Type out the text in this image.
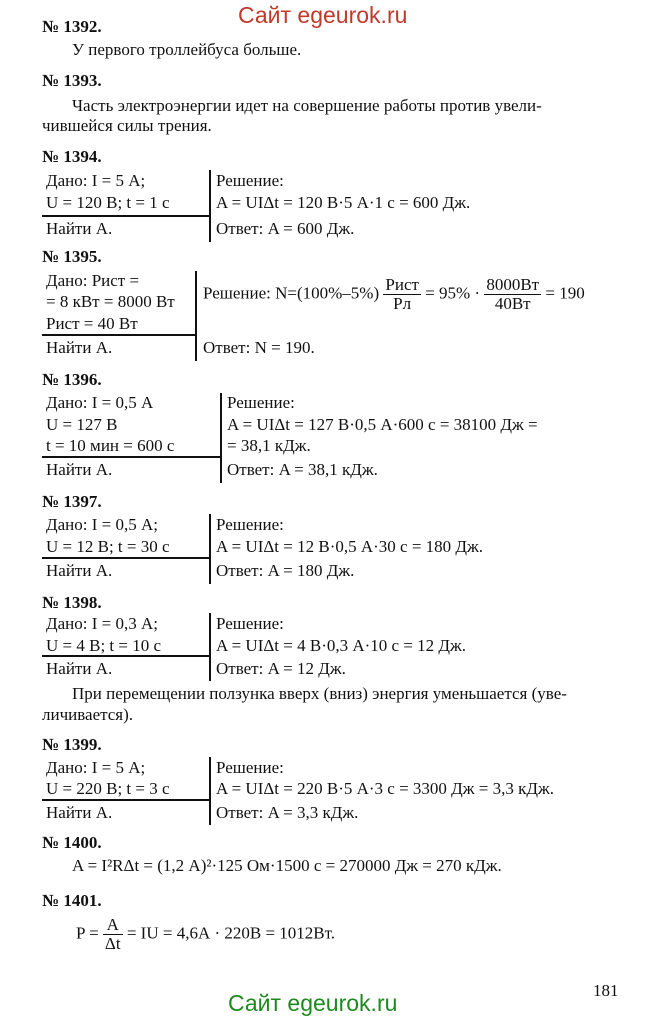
Сайт egeurok.ru
№ 1392.
У первого троллейбуса больше.
№ 1393.
Часть электроэнергии идет на совершение работы против увели-
чившейся силы трения.
№ 1394.
Дано: I = 5 А;
U = 120 В; t = 1 с
Найти A.
Решение:
A = UIΔt = 120 В·5 А·1 с = 600 Дж.
Ответ: A = 600 Дж.
№ 1395.
Дано: Pист =
= 8 кВт = 8000 Вт
Pист = 40 Вт
Найти A.
Решение: $N=(100\%-5\%) \frac{\text{Pист}}{Pл} = 95\% \cdot \frac{8000Вт}{40Вт} = 190$
Ответ: N = 190.
№ 1396.
Дано: I = 0,5 А
U = 127 В
t = 10 мин = 600 с
Найти A.
Решение:
A = UIΔt = 127 В·0,5 А·600 с = 38100 Дж =
= 38,1 кДж.
Ответ: A = 38,1 кДж.
№ 1397.
Дано: I = 0,5 А;
U = 12 В; t = 30 с
Найти A.
Решение:
A = UIΔt = 12 В·0,5 А·30 с = 180 Дж.
Ответ: A = 180 Дж.
№ 1398.
Дано: I = 0,3 А;
U = 4 В; t = 10 с
Найти A.
Решение:
A = UIΔt = 4 В·0,3 А·10 с = 12 Дж.
Ответ: A = 12 Дж.
При перемещении ползунка вверх (вниз) энергия уменьшается (уве-
личивается).
№ 1399.
Дано: I = 5 А;
U = 220 В; t = 3 с
Найти A.
Решение:
A = UIΔt = 220 В·5 А·3 с = 3300 Дж = 3,3 кДж.
Ответ: A = 3,3 кДж.
№ 1400.
A = I²RΔt = (1,2 А)²·125 Ом·1500 с = 270000 Дж = 270 кДж.
№ 1401.
$P = \frac{A}{\Delta t}$ = IU = 4,6А · 220В = 1012Вт.
181
Сайт egeurok.ru
